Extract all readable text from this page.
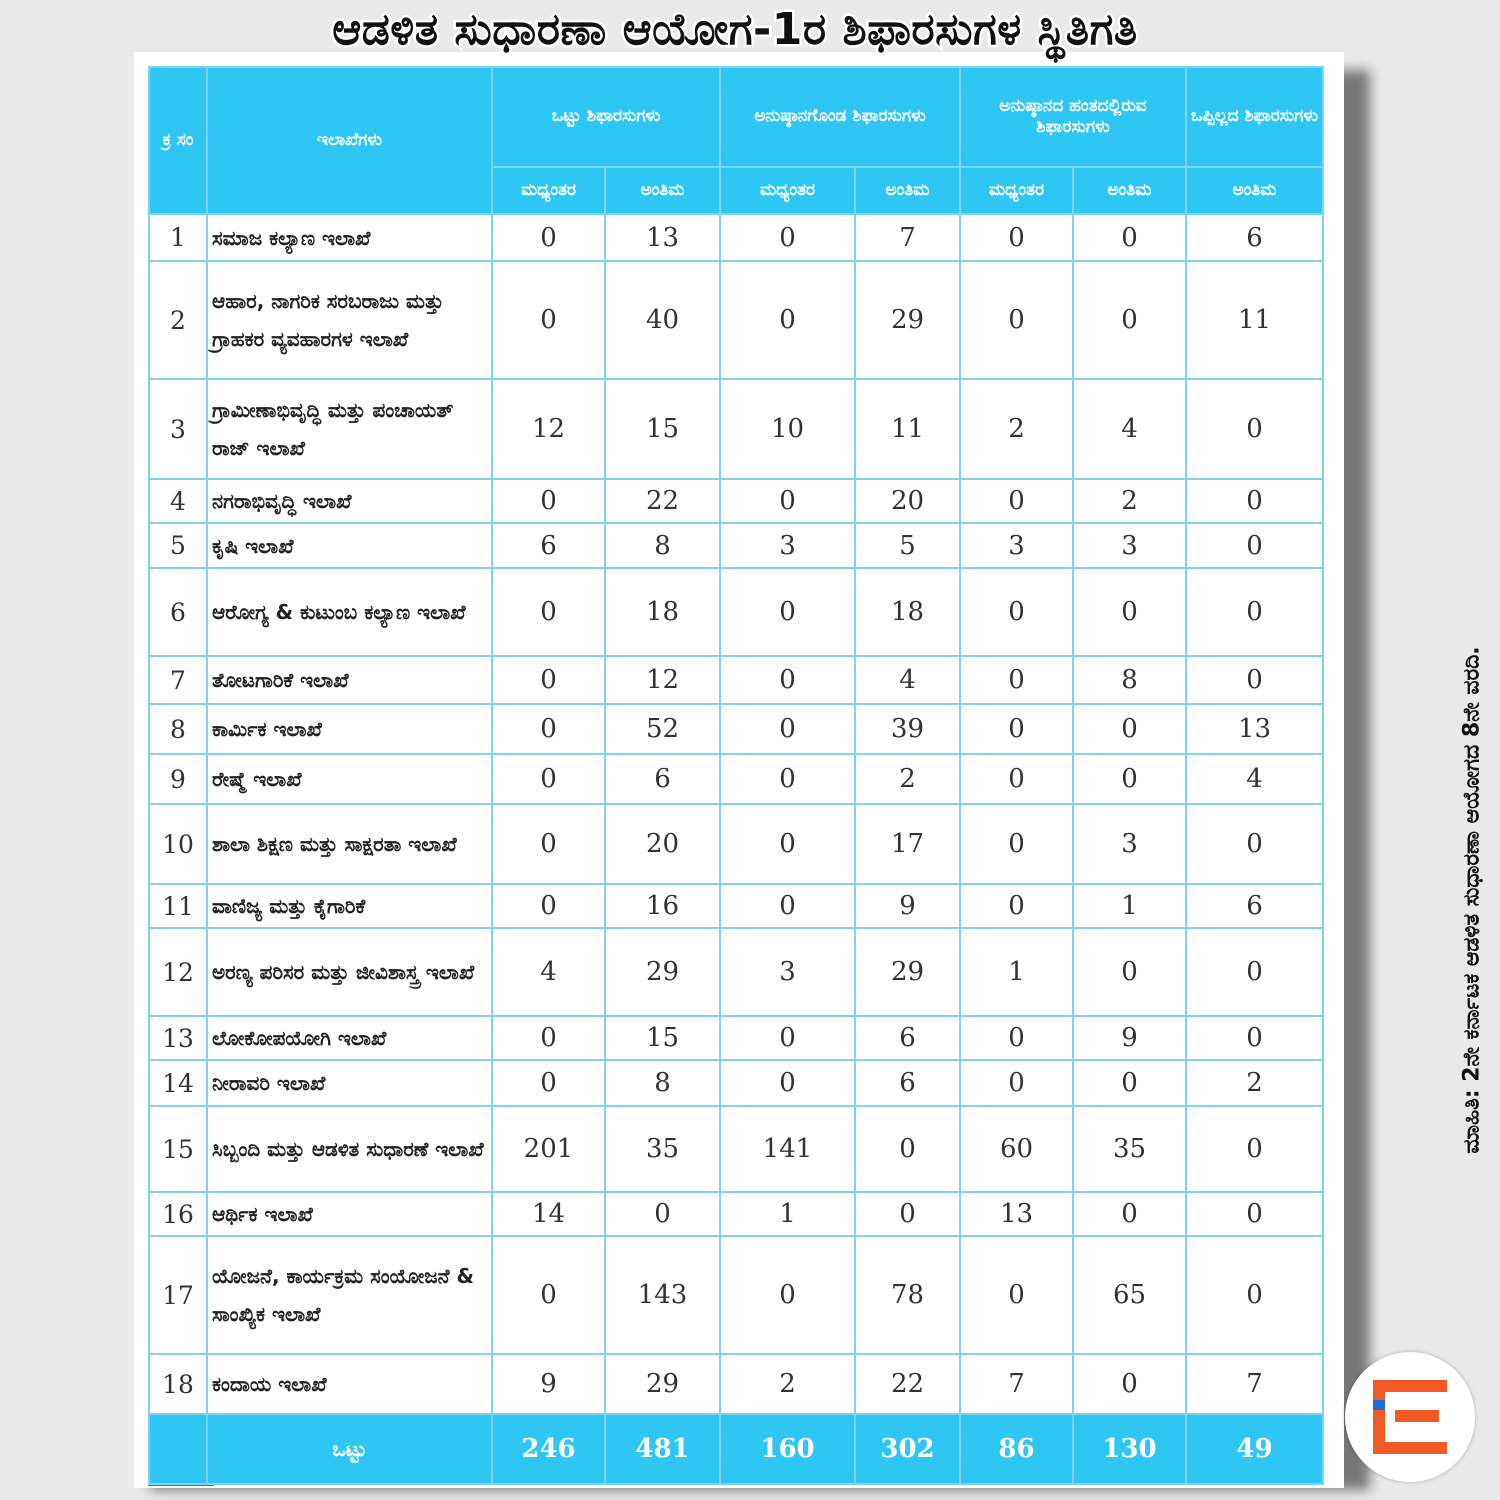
ಆಡಳಿತ ಸುಧಾರಣಾ ಆಯೋಗ-1ರ ಶಿಫಾರಸುಗಳ ಸ್ಥಿತಿಗತಿ
ಕ್ರ ಸಂ	ಇಲಾಖೆಗಳು	ಒಟ್ಟು ಶಿಫಾರಸುಗಳು		ಅನುಷ್ಠಾನಗೊಂಡ ಶಿಫಾರಸುಗಳು		ಅನುಷ್ಠಾನದ ಹಂತದಲ್ಲಿರುವ ಶಿಫಾರಸುಗಳು		ಒಪ್ಪಿಲ್ಲದ ಶಿಫಾರಸುಗಳು
		ಮಧ್ಯಂತರ	ಅಂತಿಮ	ಮಧ್ಯಂತರ	ಅಂತಿಮ	ಮಧ್ಯಂತರ	ಅಂತಿಮ	ಅಂತಿಮ
1	ಸಮಾಜ ಕಲ್ಯಾಣ ಇಲಾಖೆ	0	13	0	7	0	0	6
2	ಆಹಾರ, ನಾಗರಿಕ ಸರಬರಾಜು ಮತ್ತು ಗ್ರಾಹಕರ ವ್ಯವಹಾರಗಳ ಇಲಾಖೆ	0	40	0	29	0	0	11
3	ಗ್ರಾಮೀಣಾಭಿವೃದ್ಧಿ ಮತ್ತು ಪಂಚಾಯತ್ ರಾಜ್ ಇಲಾಖೆ	12	15	10	11	2	4	0
4	ನಗರಾಭಿವೃದ್ಧಿ ಇಲಾಖೆ	0	22	0	20	0	2	0
5	ಕೃಷಿ ಇಲಾಖೆ	6	8	3	5	3	3	0
6	ಆರೋಗ್ಯ & ಕುಟುಂಬ ಕಲ್ಯಾಣ ಇಲಾಖೆ	0	18	0	18	0	0	0
7	ತೋಟಗಾರಿಕೆ ಇಲಾಖೆ	0	12	0	4	0	8	0
8	ಕಾರ್ಮಿಕ ಇಲಾಖೆ	0	52	0	39	0	0	13
9	ರೇಷ್ಮೆ ಇಲಾಖೆ	0	6	0	2	0	0	4
10	ಶಾಲಾ ಶಿಕ್ಷಣ ಮತ್ತು ಸಾಕ್ಷರತಾ ಇಲಾಖೆ	0	20	0	17	0	3	0
11	ವಾಣಿಜ್ಯ ಮತ್ತು ಕೈಗಾರಿಕೆ	0	16	0	9	0	1	6
12	ಅರಣ್ಯ ಪರಿಸರ ಮತ್ತು ಜೀವಿಶಾಸ್ತ್ರ ಇಲಾಖೆ	4	29	3	29	1	0	0
13	ಲೋಕೋಪಯೋಗಿ ಇಲಾಖೆ	0	15	0	6	0	9	0
14	ನೀರಾವರಿ ಇಲಾಖೆ	0	8	0	6	0	0	2
15	ಸಿಬ್ಬಂದಿ ಮತ್ತು ಆಡಳಿತ ಸುಧಾರಣೆ ಇಲಾಖೆ	201	35	141	0	60	35	0
16	ಆರ್ಥಿಕ ಇಲಾಖೆ	14	0	1	0	13	0	0
17	ಯೋಜನೆ, ಕಾರ್ಯಕ್ರಮ ಸಂಯೋಜನೆ & ಸಾಂಖ್ಯಿಕ ಇಲಾಖೆ	0	143	0	78	0	65	0
18	ಕಂದಾಯ ಇಲಾಖೆ	9	29	2	22	7	0	7
	ಒಟ್ಟು	246	481	160	302	86	130	49
ಮಾಹಿತಿ: 2ನೇ ಕರ್ನಾಟಕ ಆಡಳಿತ ಸುಧಾರಣಾ ಆಯೋಗದ 8ನೇ ವರದಿ.
